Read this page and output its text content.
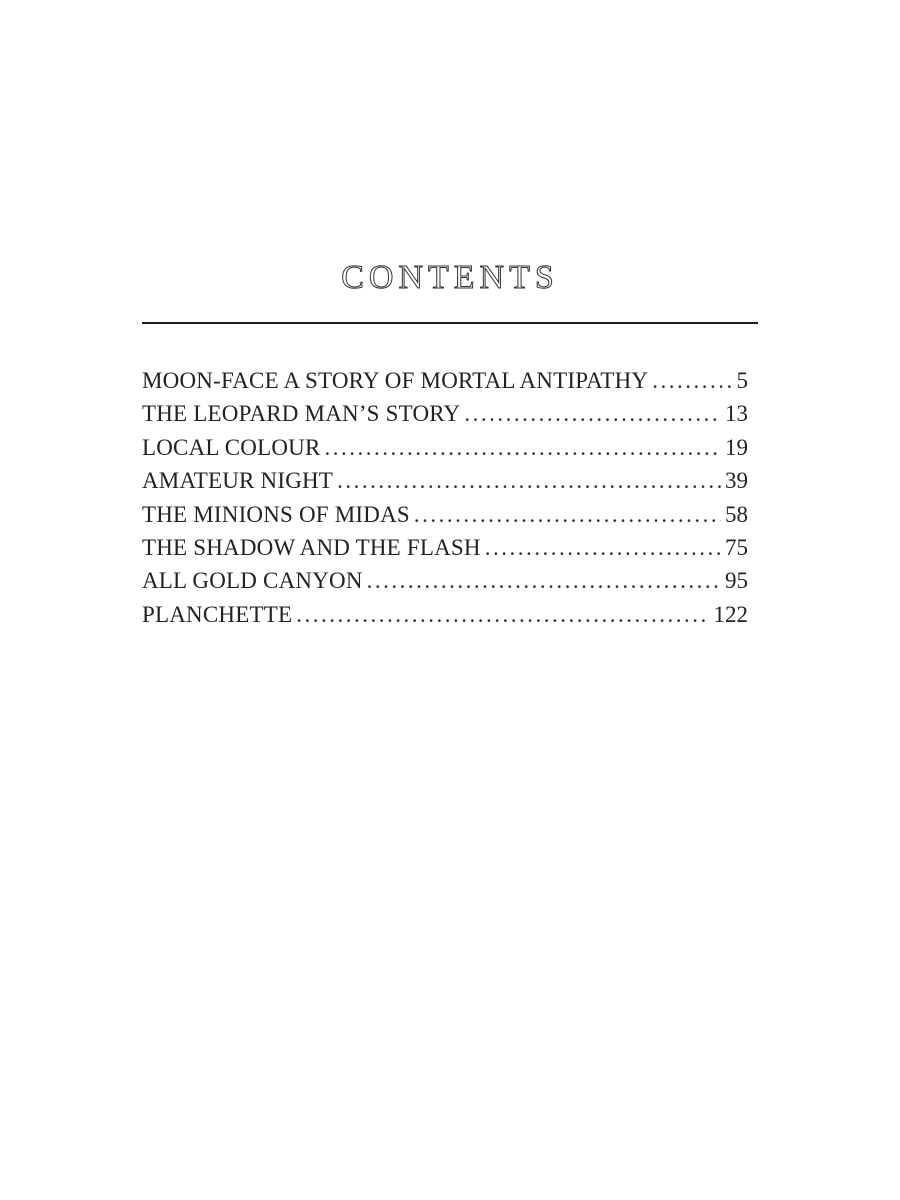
CONTENTS
MOON-FACE A STORY OF MORTAL ANTIPATHY .....	5
THE LEOPARD MAN’S STORY .....	13
LOCAL COLOUR .....	19
AMATEUR NIGHT .....	39
THE MINIONS OF MIDAS .....	58
THE SHADOW AND THE FLASH .....	75
ALL GOLD CANYON .....	95
PLANCHETTE .....	122
